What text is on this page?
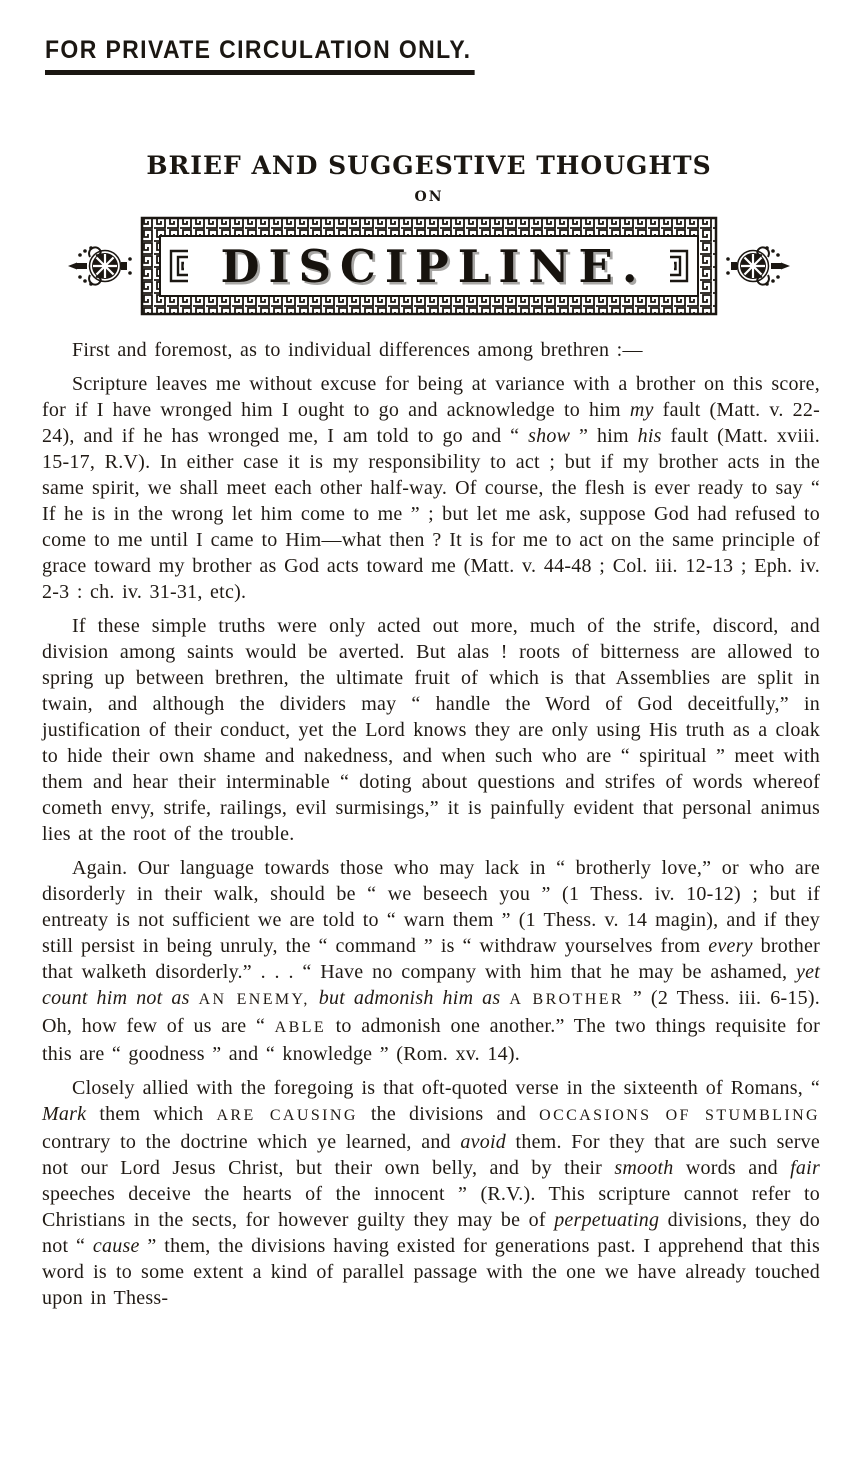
FOR PRIVATE CIRCULATION ONLY.
BRIEF AND SUGGESTIVE THOUGHTS
ON
DISCIPLINE.

First and foremost, as to individual differences among brethren :—

Scripture leaves me without excuse for being at variance with a brother on this score, for if I have wronged him I ought to go and acknowledge to him my fault (Matt. v. 22-24), and if he has wronged me, I am told to go and “ show ” him his fault (Matt. xviii. 15-17, R.V). In either case it is my responsibility to act ; but if my brother acts in the same spirit, we shall meet each other half-way. Of course, the flesh is ever ready to say “ If he is in the wrong let him come to me ” ; but let me ask, suppose God had refused to come to me until I came to Him—what then ? It is for me to act on the same principle of grace toward my brother as God acts toward me (Matt. v. 44-48 ; Col. iii. 12-13 ; Eph. iv. 2-3 : ch. iv. 31-31, etc).

If these simple truths were only acted out more, much of the strife, discord, and division among saints would be averted. But alas ! roots of bitterness are allowed to spring up between brethren, the ultimate fruit of which is that Assemblies are split in twain, and although the dividers may “ handle the Word of God deceitfully,” in justification of their conduct, yet the Lord knows they are only using His truth as a cloak to hide their own shame and nakedness, and when such who are “ spiritual ” meet with them and hear their interminable “ doting about questions and strifes of words whereof cometh envy, strife, railings, evil surmisings,” it is painfully evident that personal animus lies at the root of the trouble.

Again. Our language towards those who may lack in “ brotherly love,” or who are disorderly in their walk, should be “ we beseech you ” (1 Thess. iv. 10-12) ; but if entreaty is not sufficient we are told to “ warn them ” (1 Thess. v. 14 magin), and if they still persist in being unruly, the “ command ” is “ withdraw yourselves from every brother that walketh disorderly.” . . . “ Have no company with him that he may be ashamed, yet count him not as AN ENEMY, but admonish him as A BROTHER ” (2 Thess. iii. 6-15). Oh, how few of us are “ ABLE to admonish one another.” The two things requisite for this are “ goodness ” and “ knowledge ” (Rom. xv. 14).

Closely allied with the foregoing is that oft-quoted verse in the sixteenth of Romans, “ Mark them which ARE CAUSING the divisions and OCCASIONS OF STUMBLING contrary to the doctrine which ye learned, and avoid them. For they that are such serve not our Lord Jesus Christ, but their own belly, and by their smooth words and fair speeches deceive the hearts of the innocent ” (R.V.). This scripture cannot refer to Christians in the sects, for however guilty they may be of perpetuating divisions, they do not “ cause ” them, the divisions having existed for generations past. I apprehend that this word is to some extent a kind of parallel passage with the one we have already touched upon in Thess-
